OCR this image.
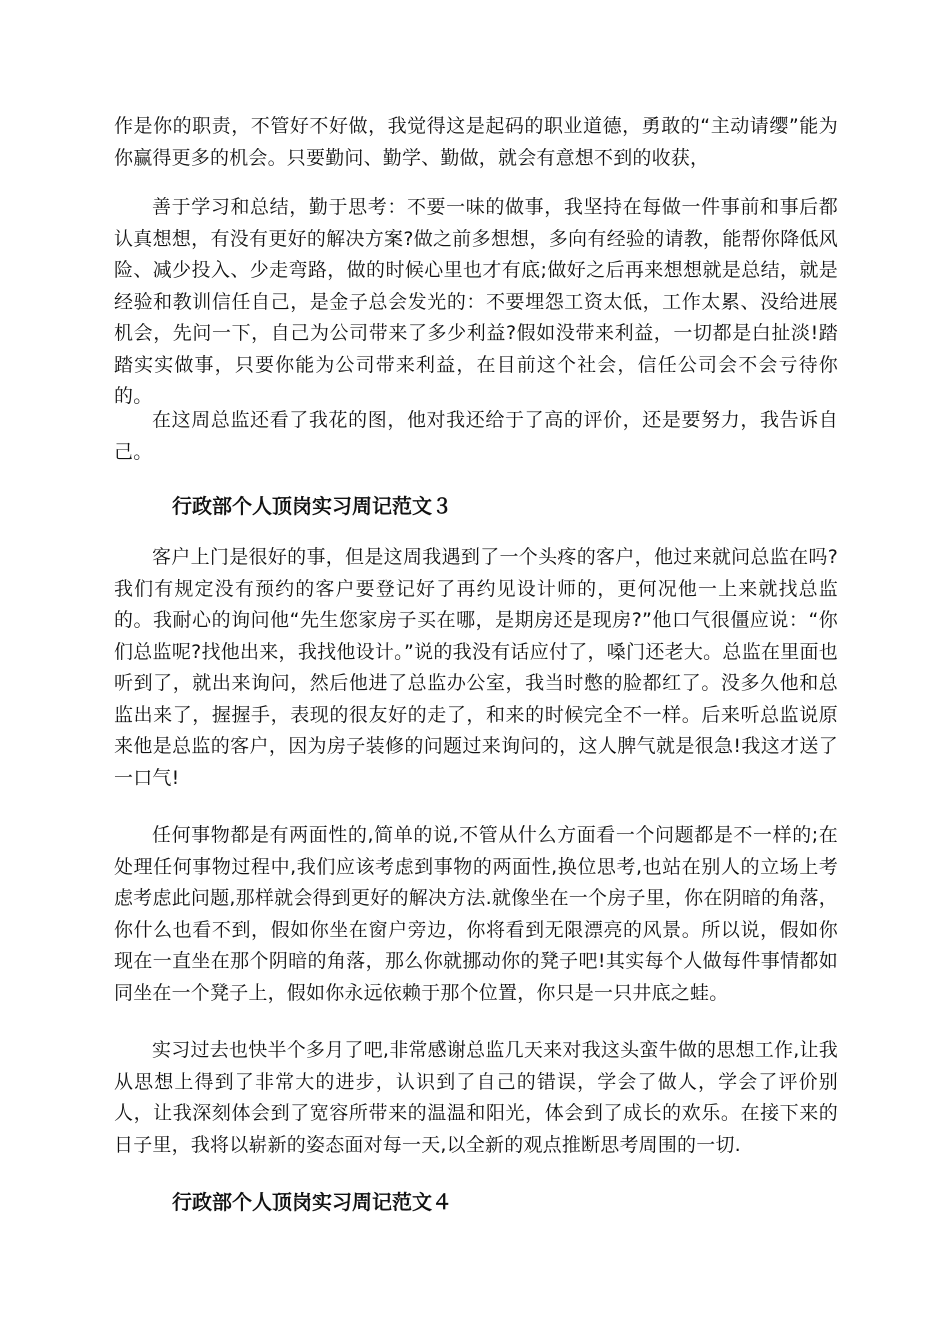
作是你的职责，不管好不好做，我觉得这是起码的职业道德，勇敢的“主动请缨”能为你赢得更多的机会。只要勤问、勤学、勤做，就会有意想不到的收获，

善于学习和总结，勤于思考：不要一味的做事，我坚持在每做一件事前和事后都认真想想，有没有更好的解决方案?做之前多想想，多向有经验的请教，能帮你降低风险、减少投入、少走弯路，做的时候心里也才有底;做好之后再来想想就是总结，就是经验和教训信任自己，是金子总会发光的：不要埋怨工资太低，工作太累、没给进展机会，先问一下，自己为公司带来了多少利益?假如没带来利益，一切都是白扯淡!踏踏实实做事，只要你能为公司带来利益，在目前这个社会，信任公司会不会亏待你的。

在这周总监还看了我花的图，他对我还给于了高的评价，还是要努力，我告诉自己。

行政部个人顶岗实习周记范文３

客户上门是很好的事，但是这周我遇到了一个头疼的客户，他过来就问总监在吗?我们有规定没有预约的客户要登记好了再约见设计师的，更何况他一上来就找总监的。我耐心的询问他“先生您家房子买在哪，是期房还是现房?”他口气很僵应说：“你们总监呢?找他出来，我找他设计。”说的我没有话应付了，嗓门还老大。总监在里面也听到了，就出来询问，然后他进了总监办公室，我当时憋的脸都红了。没多久他和总监出来了，握握手，表现的很友好的走了，和来的时候完全不一样。后来听总监说原来他是总监的客户，因为房子装修的问题过来询问的，这人脾气就是很急!我这才送了一口气!

任何事物都是有两面性的,简单的说,不管从什么方面看一个问题都是不一样的;在处理任何事物过程中,我们应该考虑到事物的两面性,换位思考,也站在别人的立场上考虑考虑此问题,那样就会得到更好的解决方法.就像坐在一个房子里，你在阴暗的角落，你什么也看不到，假如你坐在窗户旁边，你将看到无限漂亮的风景。所以说，假如你现在一直坐在那个阴暗的角落，那么你就挪动你的凳子吧!其实每个人做每件事情都如同坐在一个凳子上，假如你永远依赖于那个位置，你只是一只井底之蛙。

实习过去也快半个多月了吧,非常感谢总监几天来对我这头蛮牛做的思想工作,让我从思想上得到了非常大的进步，认识到了自己的错误，学会了做人，学会了评价别人，让我深刻体会到了宽容所带来的温温和阳光，体会到了成长的欢乐。在接下来的日子里，我将以崭新的姿态面对每一天,以全新的观点推断思考周围的一切.

行政部个人顶岗实习周记范文４
